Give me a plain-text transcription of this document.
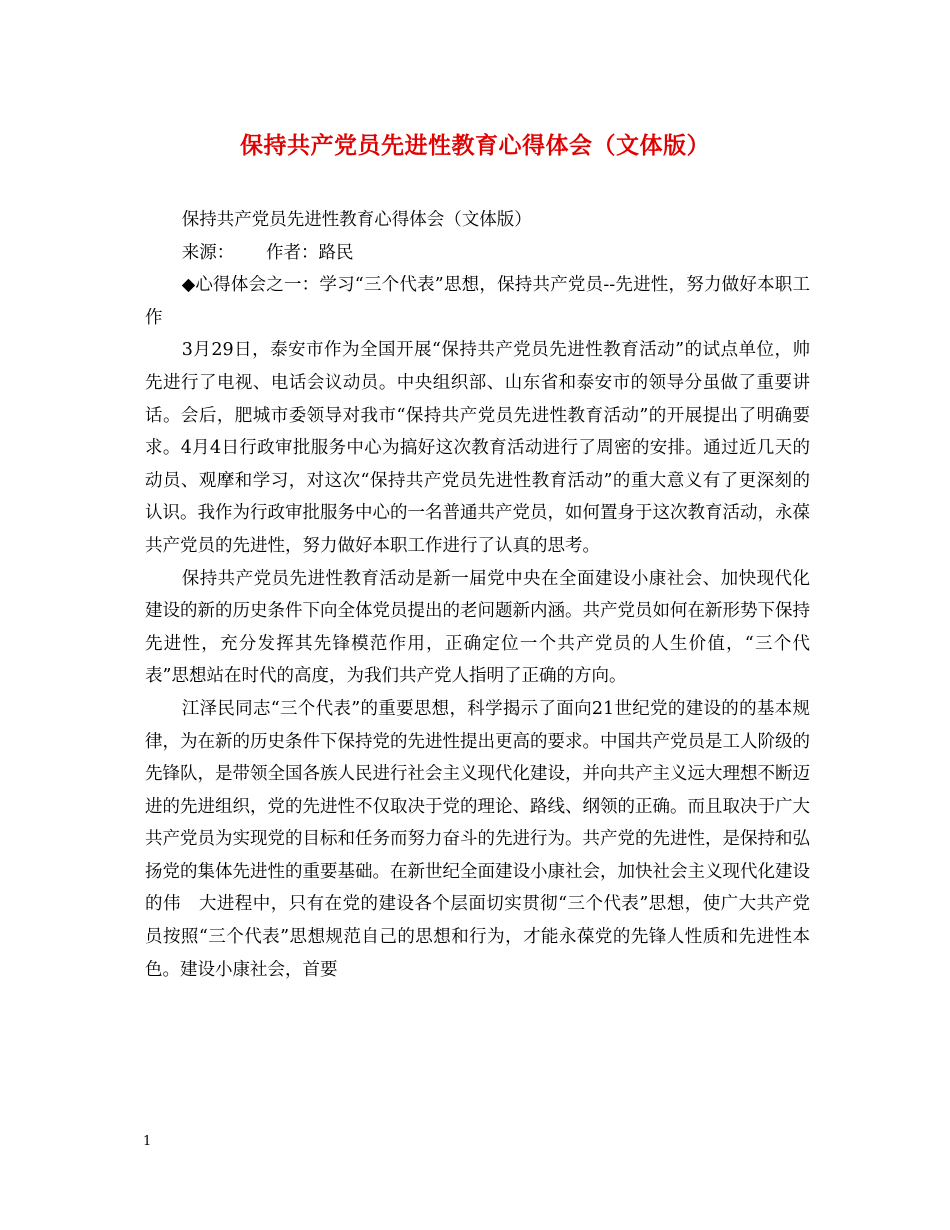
保持共产党员先进性教育心得体会（文体版）

保持共产党员先进性教育心得体会（文体版）

来源：　　 作者：路民

◆心得体会之一：学习“三个代表”思想，保持共产党员--先进性，努力做好本职工作

3月29日，泰安市作为全国开展“保持共产党员先进性教育活动”的试点单位，帅先进行了电视、电话会议动员。中央组织部、山东省和泰安市的领导分虽做了重要讲话。会后，肥城市委领导对我市“保持共产党员先进性教育活动”的开展提出了明确要求。4月4日行政审批服务中心为搞好这次教育活动进行了周密的安排。通过近几天的动员、观摩和学习，对这次“保持共产党员先进性教育活动”的重大意义有了更深刻的认识。我作为行政审批服务中心的一名普通共产党员，如何置身于这次教育活动，永葆共产党员的先进性，努力做好本职工作进行了认真的思考。

保持共产党员先进性教育活动是新一届党中央在全面建设小康社会、加快现代化建设的新的历史条件下向全体党员提出的老问题新内涵。共产党员如何在新形势下保持先进性，充分发挥其先锋模范作用，正确定位一个共产党员的人生价值，“三个代表”思想站在时代的高度，为我们共产党人指明了正确的方向。

江泽民同志“三个代表”的重要思想，科学揭示了面向21世纪党的建设的的基本规律，为在新的历史条件下保持党的先进性提出更高的要求。中国共产党员是工人阶级的先锋队，是带领全国各族人民进行社会主义现代化建设，并向共产主义远大理想不断迈进的先进组织，党的先进性不仅取决于党的理论、路线、纲领的正确。而且取决于广大共产党员为实现党的目标和任务而努力奋斗的先进行为。共产党的先进性，是保持和弘扬党的集体先进性的重要基础。在新世纪全面建设小康社会，加快社会主义现代化建设的伟　大进程中，只有在党的建设各个层面切实贯彻“三个代表”思想，使广大共产党员按照“三个代表”思想规范自己的思想和行为，才能永葆党的先锋人性质和先进性本色。建设小康社会，首要

1
